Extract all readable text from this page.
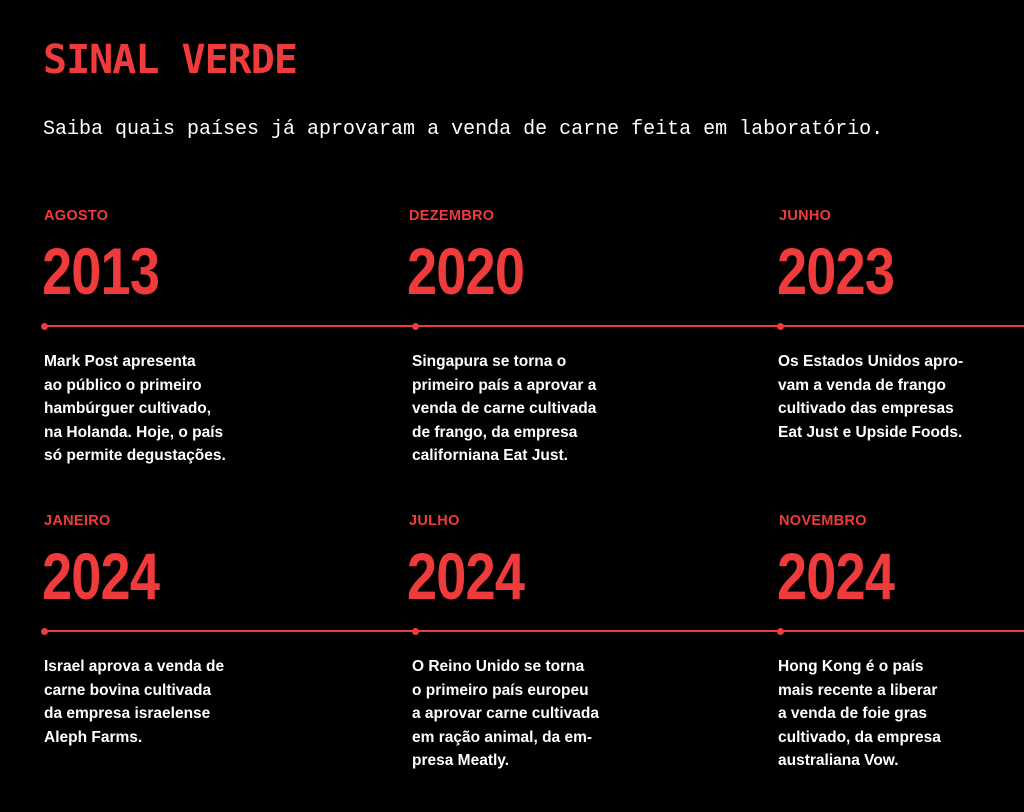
SINAL VERDE

Saiba quais países já aprovaram a venda de carne feita em laboratório.

AGOSTO

2013

Mark Post apresenta
ao público o primeiro
hambúrguer cultivado,
na Holanda. Hoje, o país
só permite degustações.

DEZEMBRO

2020

Singapura se torna o
primeiro país a aprovar a
venda de carne cultivada
de frango, da empresa
californiana Eat Just.

JUNHO

2023

Os Estados Unidos apro-
vam a venda de frango
cultivado das empresas
Eat Just e Upside Foods.

JANEIRO

2024

Israel aprova a venda de
carne bovina cultivada
da empresa israelense
Aleph Farms.

JULHO

2024

O Reino Unido se torna
o primeiro país europeu
a aprovar carne cultivada
em ração animal, da em-
presa Meatly.

NOVEMBRO

2024

Hong Kong é o país
mais recente a liberar
a venda de foie gras
cultivado, da empresa
australiana Vow.
